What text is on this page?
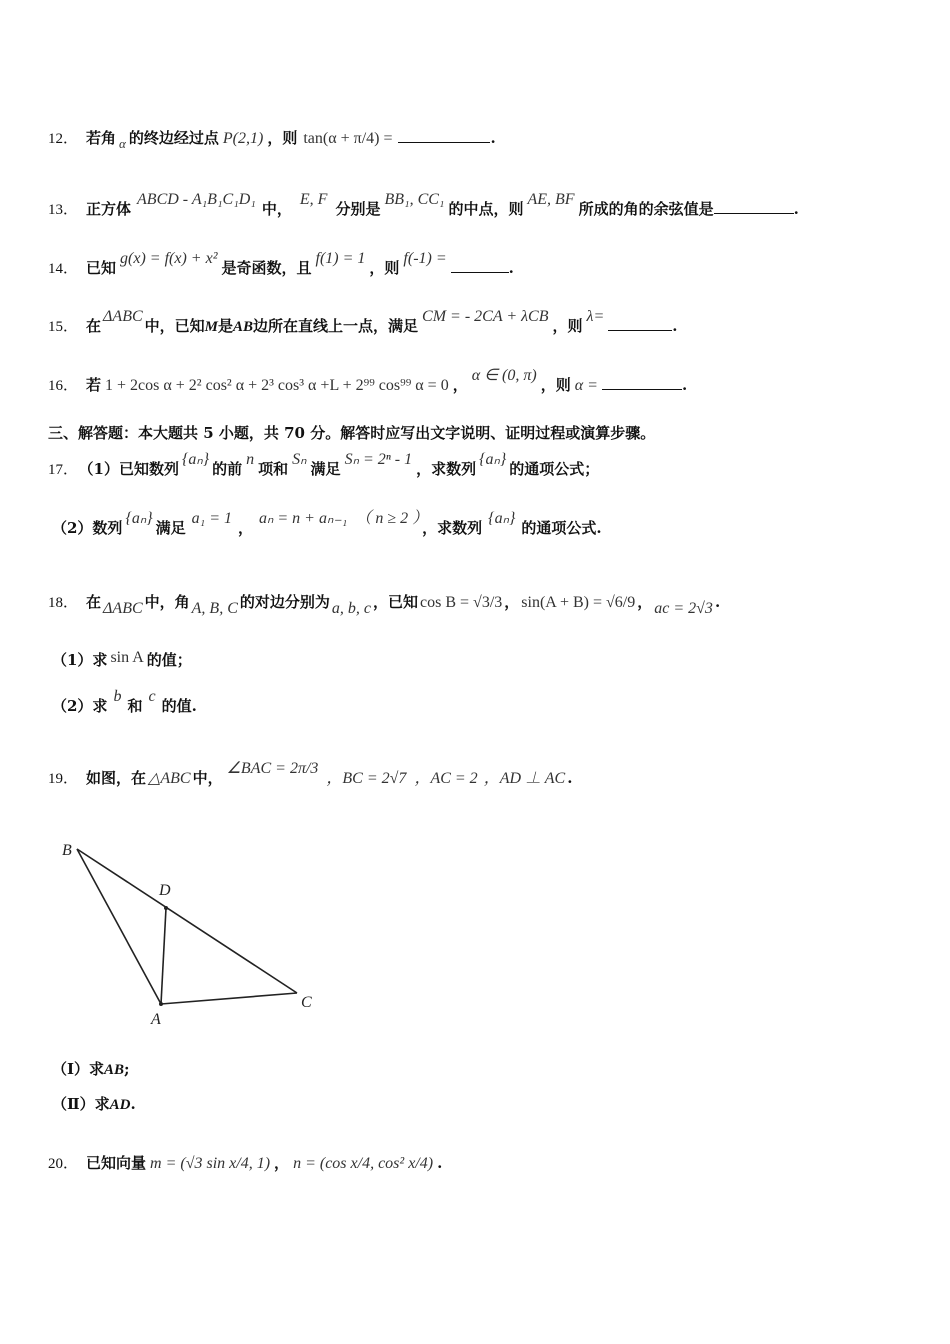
12． 若角 α 的终边经过点 P(2,1) ，则 tan(α + π/4) =	.
13． 正方体ABCD - A₁B₁C₁D₁中，E, F分别是BB₁, CC₁的中点，则AE, BF所成的角的余弦值是	.
14． 已知g(x) = f(x) + x²是奇函数，且f(1) = 1，则f(-1) =.
15． 在ΔABC中，已知M是AB边所在直线上一点，满足CM = - 2CA + λCB，则λ=.
16． 若 1 + 2cos α + 2² cos² α + 2³ cos³ α +L + 2⁹⁹ cos⁹⁹ α = 0 ，α ∈ (0, π)，则 α =	.
三、解答题：本大题共 5 小题，共 70 分。解答时应写出文字说明、证明过程或演算步骤。
17． （1）已知数列{aₙ}的前n项和Sₙ满足Sₙ = 2ⁿ - 1，求数列{aₙ}的通项公式；
（2）数列{aₙ}满足a₁ = 1，aₙ = n + aₙ₋₁ （ n ≥ 2 ），求数列{aₙ}的通项公式.
18． 在 ΔABC 中，角 A, B, C 的对边分别为 a, b, c ，已知 cos B = √3/3 ， sin(A + B) = √6/9 ， ac = 2√3 .
（1）求 sin A 的值；
（2）求b和c的值.
19． 如图，在 △ABC 中，∠BAC = 2π/3，BC = 2√7 ，AC = 2 ，AD ⊥ AC .
B
D
A
C
（Ⅰ）求AB;
（Ⅱ）求AD.
20． 已知向量 m = (√3 sin x/4, 1) ， n = (cos x/4, cos² x/4) .
